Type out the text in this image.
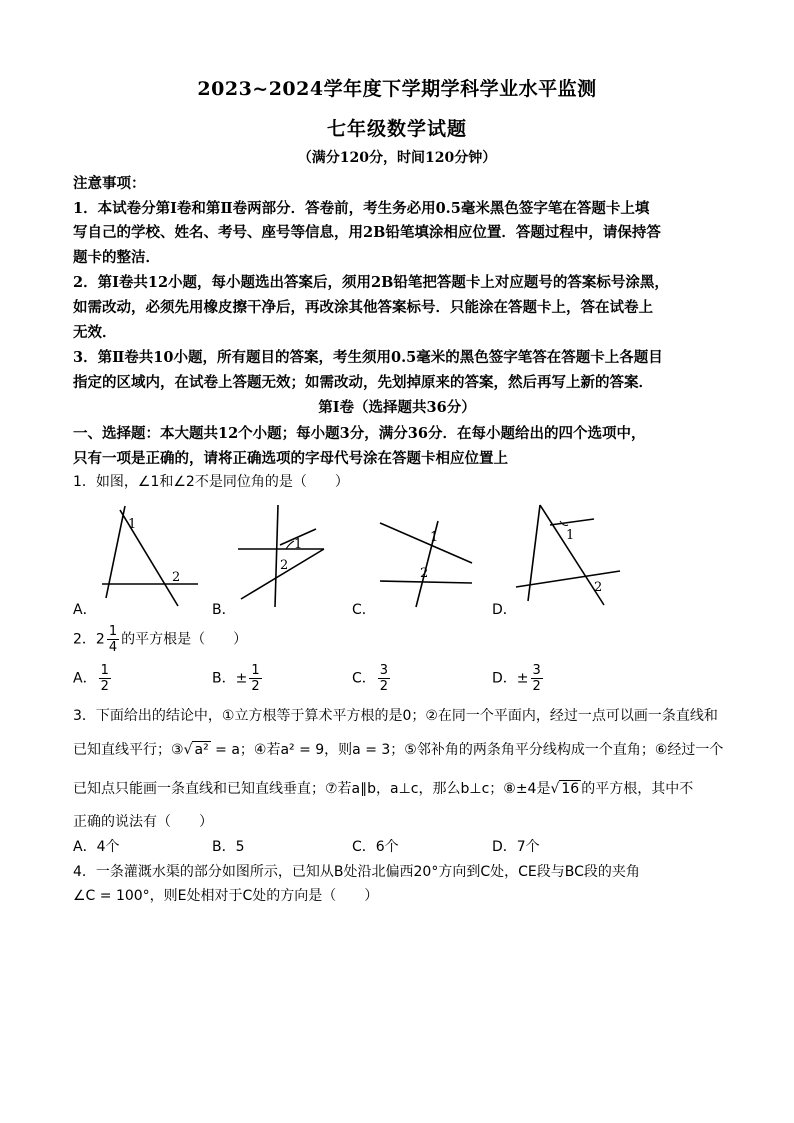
2023~2024学年度下学期学科学业水平监测
七年级数学试题
（满分120分，时间120分钟）
注意事项：
1．本试卷分第Ⅰ卷和第Ⅱ卷两部分．答卷前，考生务必用0.5毫米黑色签字笔在答题卡上填
写自己的学校、姓名、考号、座号等信息，用2B铅笔填涂相应位置．答题过程中，请保持答
题卡的整洁．
2．第Ⅰ卷共12小题，每小题选出答案后，须用2B铅笔把答题卡上对应题号的答案标号涂黑，
如需改动，必须先用橡皮擦干净后，再改涂其他答案标号．只能涂在答题卡上，答在试卷上
无效．
3．第Ⅱ卷共10小题，所有题目的答案，考生须用0.5毫米的黑色签字笔答在答题卡上各题目
指定的区域内，在试卷上答题无效；如需改动，先划掉原来的答案，然后再写上新的答案．
第Ⅰ卷（选择题共36分）
一、选择题：本大题共12个小题；每小题3分，满分36分．在每小题给出的四个选项中，
只有一项是正确的，请将正确选项的字母代号涂在答题卡相应位置上
1．如图，∠1和∠2不是同位角的是（　　）
1
2
1
2
1
2
1
2
A．	B．	C．	D．
2．$2 \frac{1}{4}$ 的平方根是（　　）
A． $\frac{1}{2}$	B．± $\frac{1}{2}$	C． $\frac{3}{2}$	D．± $\frac{3}{2}$
3．下面给出的结论中，①立方根等于算术平方根的是0；②在同一个平面内，经过一点可以画一条直线和
已知直线平行；③√ a² = a；④若a² = 9，则a = 3；⑤邻补角的两条角平分线构成一个直角；⑥经过一个
已知点只能画一条直线和已知直线垂直；⑦若a∥b，a⊥c，那么b⊥c；⑧±4是√ 16 的平方根，其中不
正确的说法有（　　）
A．4个	B．5	C．6个	D．7个
4．一条灌溉水渠的部分如图所示，已知从B处沿北偏西20°方向到C处，CE段与BC段的夹角
∠C = 100°，则E处相对于C处的方向是（　　）
